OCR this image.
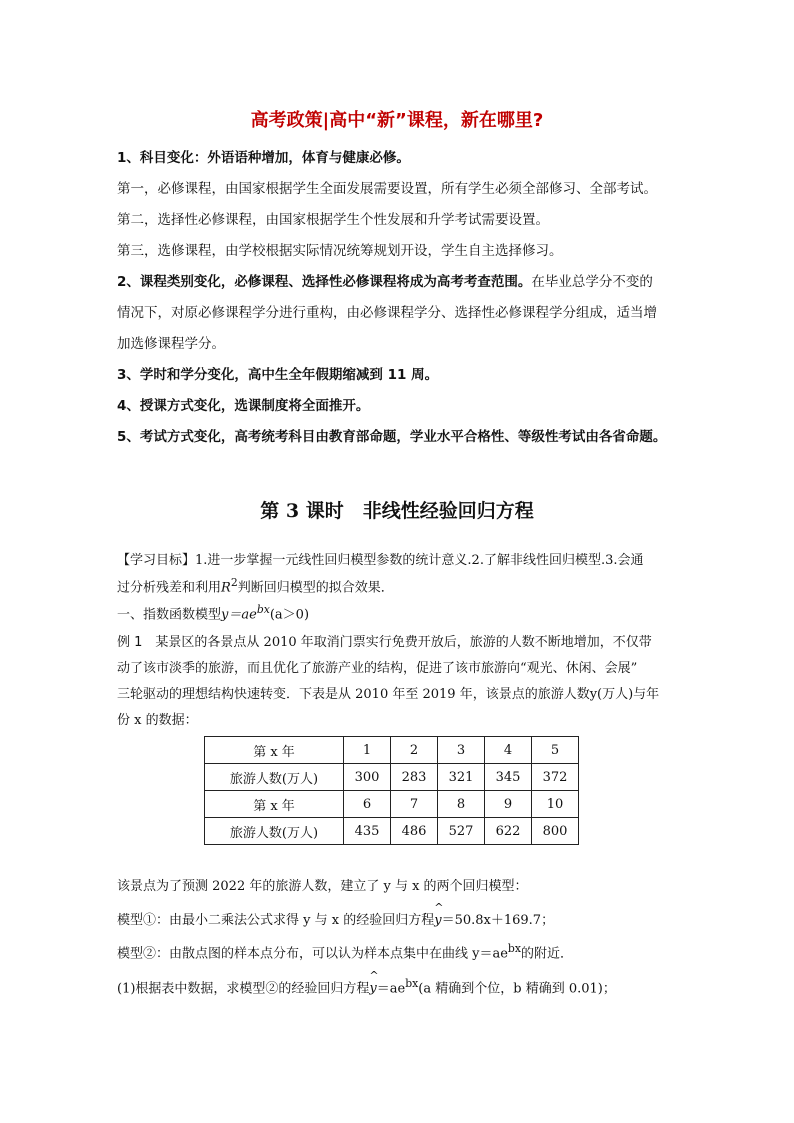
高考政策|高中“新”课程，新在哪里?
1、科目变化：外语语种增加，体育与健康必修。
第一，必修课程，由国家根据学生全面发展需要设置，所有学生必须全部修习、全部考试。
第二，选择性必修课程，由国家根据学生个性发展和升学考试需要设置。
第三，选修课程，由学校根据实际情况统筹规划开设，学生自主选择修习。
2、课程类别变化，必修课程、选择性必修课程将成为高考考查范围。在毕业总学分不变的
情况下，对原必修课程学分进行重构，由必修课程学分、选择性必修课程学分组成，适当增
加选修课程学分。
3、学时和学分变化，高中生全年假期缩减到 11 周。
4、授课方式变化，选课制度将全面推开。
5、考试方式变化，高考统考科目由教育部命题，学业水平合格性、等级性考试由各省命题。
第 3 课时　非线性经验回归方程
【学习目标】1.进一步掌握一元线性回归模型参数的统计意义.2.了解非线性回归模型.3.会通
过分析残差和利用$R^2$判断回归模型的拟合效果．
一、指数函数模型$y=ae^{bx}(a>0)$
例 1　 某景区的各景点从 2010 年取消门票实行免费开放后，旅游的人数不断地增加，不仅带
动了该市淡季的旅游，而且优化了旅游产业的结构，促进了该市旅游向“观光、休闲、会展”
三轮驱动的理想结构快速转变．下表是从 2010 年至 2019 年，该景点的旅游人数y(万人)与年
份 x 的数据：
第 x 年	1	2	3	4	5
旅游人数(万人)	300	283	321	345	372
第 x 年	6	7	8	9	10
旅游人数(万人)	435	486	527	622	800
该景点为了预测 2022 年的旅游人数，建立了 y 与 x 的两个回归模型：
模型①：由最小二乘法公式求得 y 与 x 的经验回归方程^ y＝50.8x＋169.7；
模型②：由散点图的样本点分布，可以认为样本点集中在曲线 $y=ae^{bx}$的附近．
(1)根据表中数据，求模型②的经验回归方程^ $y=ae^{bx}(a$ 精确到个位，b 精确到 0.01)；
